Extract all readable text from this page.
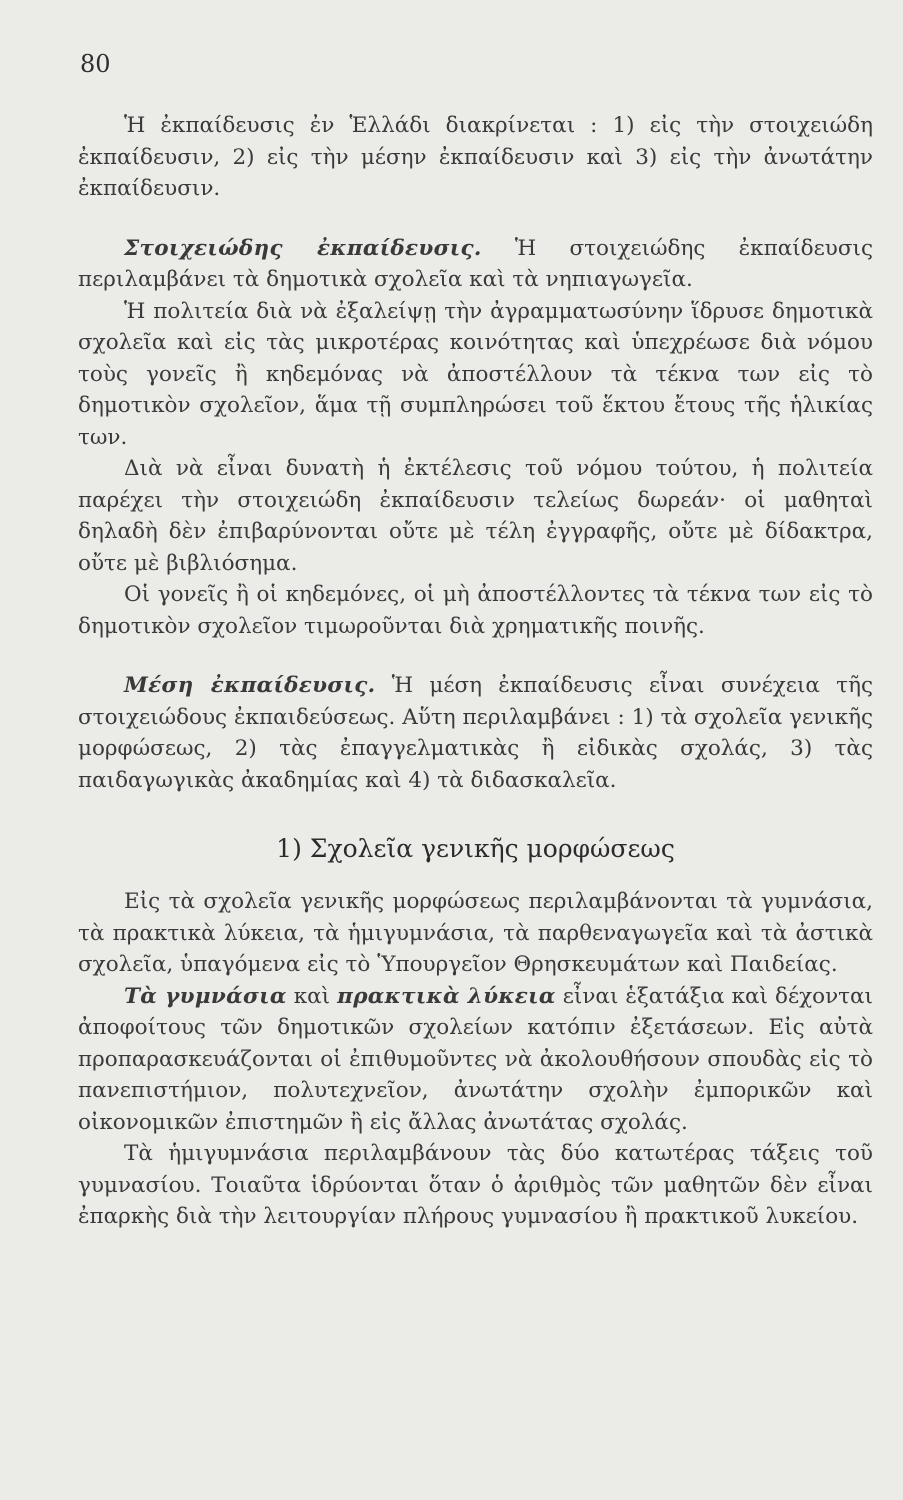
80

Ἡ ἐκπαίδευσις ἐν Ἑλλάδι διακρίνεται : 1) εἰς τὴν στοιχειώδη ἐκπαίδευσιν, 2) εἰς τὴν μέσην ἐκπαίδευσιν καὶ 3) εἰς τὴν ἀνωτάτην ἐκπαίδευσιν.

Στοιχειώδης ἐκπαίδευσις. Ἡ στοιχειώδης ἐκπαίδευσις περιλαμβάνει τὰ δημοτικὰ σχολεῖα καὶ τὰ νηπιαγωγεῖα.

Ἡ πολιτεία διὰ νὰ ἐξαλείψῃ τὴν ἀγραμματωσύνην ἵδρυσε δημοτικὰ σχολεῖα καὶ εἰς τὰς μικροτέρας κοινότητας καὶ ὑπεχρέωσε διὰ νόμου τοὺς γονεῖς ἢ κηδεμόνας νὰ ἀποστέλλουν τὰ τέκνα των εἰς τὸ δημοτικὸν σχολεῖον, ἅμα τῇ συμπληρώσει τοῦ ἕκτου ἔτους τῆς ἡλικίας των.

Διὰ νὰ εἶναι δυνατὴ ἡ ἐκτέλεσις τοῦ νόμου τούτου, ἡ πολιτεία παρέχει τὴν στοιχειώδη ἐκπαίδευσιν τελείως δωρεάν· οἱ μαθηταὶ δηλαδὴ δὲν ἐπιβαρύνονται οὔτε μὲ τέλη ἐγγραφῆς, οὔτε μὲ δίδακτρα, οὔτε μὲ βιβλιόσημα.

Οἱ γονεῖς ἢ οἱ κηδεμόνες, οἱ μὴ ἀποστέλλοντες τὰ τέκνα των εἰς τὸ δημοτικὸν σχολεῖον τιμωροῦνται διὰ χρηματικῆς ποινῆς.

Μέση ἐκπαίδευσις. Ἡ μέση ἐκπαίδευσις εἶναι συνέχεια τῆς στοιχειώδους ἐκπαιδεύσεως. Αὕτη περιλαμβάνει : 1) τὰ σχολεῖα γενικῆς μορφώσεως, 2) τὰς ἐπαγγελματικὰς ἢ εἰδικὰς σχολάς, 3) τὰς παιδαγωγικὰς ἀκαδημίας καὶ 4) τὰ διδασκαλεῖα.

1) Σχολεῖα γενικῆς μορφώσεως

Εἰς τὰ σχολεῖα γενικῆς μορφώσεως περιλαμβάνονται τὰ γυμνάσια, τὰ πρακτικὰ λύκεια, τὰ ἡμιγυμνάσια, τὰ παρθεναγωγεῖα καὶ τὰ ἀστικὰ σχολεῖα, ὑπαγόμενα εἰς τὸ Ὑπουργεῖον Θρησκευμάτων καὶ Παιδείας.

Τὰ γυμνάσια καὶ πρακτικὰ λύκεια εἶναι ἑξατάξια καὶ δέχονται ἀποφοίτους τῶν δημοτικῶν σχολείων κατόπιν ἐξετάσεων. Εἰς αὐτὰ προπαρασκευάζονται οἱ ἐπιθυμοῦντες νὰ ἀκολουθήσουν σπουδὰς εἰς τὸ πανεπιστήμιον, πολυτεχνεῖον, ἀνωτάτην σχολὴν ἐμπορικῶν καὶ οἰκονομικῶν ἐπιστημῶν ἢ εἰς ἄλλας ἀνωτάτας σχολάς.

Τὰ ἡμιγυμνάσια περιλαμβάνουν τὰς δύο κατωτέρας τάξεις τοῦ γυμνασίου. Τοιαῦτα ἱδρύονται ὅταν ὁ ἀριθμὸς τῶν μαθητῶν δὲν εἶναι ἐπαρκὴς διὰ τὴν λειτουργίαν πλήρους γυμνασίου ἢ πρακτικοῦ λυκείου.
